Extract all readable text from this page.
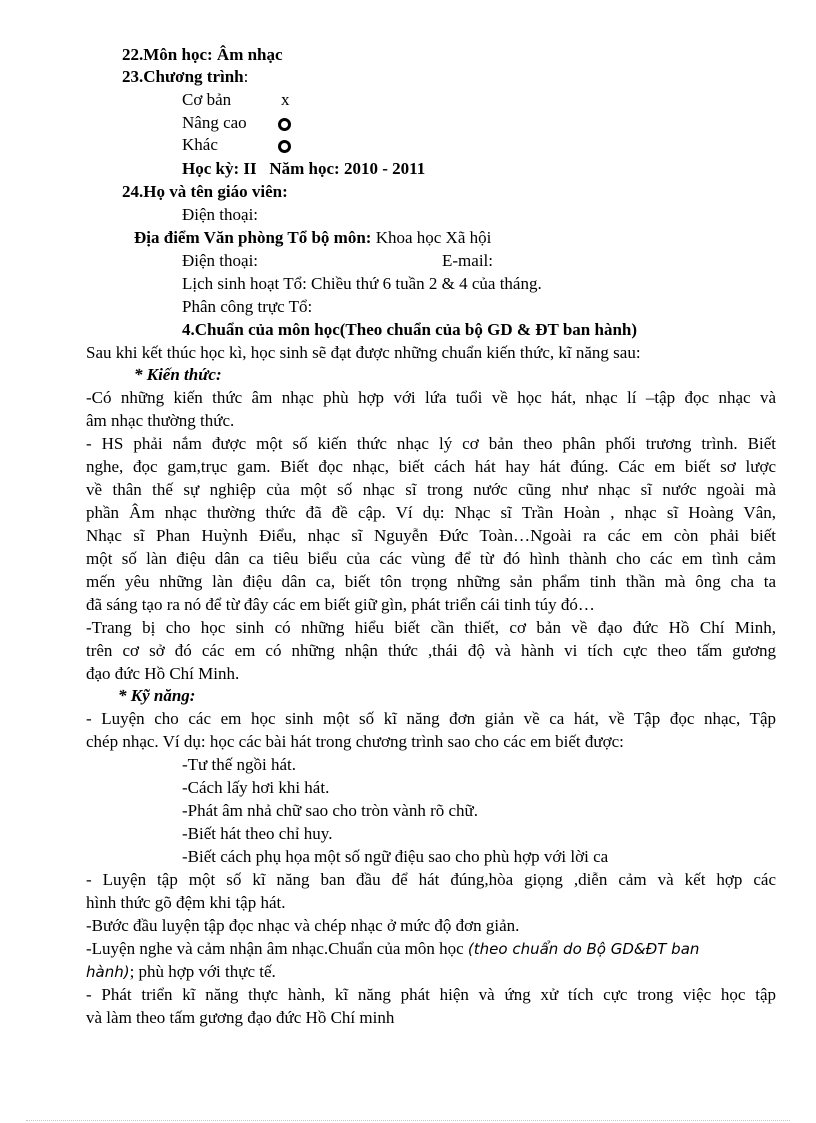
22.Môn học: Âm nhạc
23.Chương trình:
Cơ bản	x
Nâng cao
Khác
Học kỳ: II   Năm học: 2010 - 2011
24.Họ và tên giáo viên:
Điện thoại:
Địa điểm Văn phòng Tổ bộ môn: Khoa học Xã hội
Điện thoại:	E-mail:
Lịch sinh hoạt Tổ: Chiều thứ 6 tuần 2 & 4 của tháng.
Phân công trực Tổ:
4.Chuẩn của môn học(Theo chuẩn của bộ GD & ĐT ban hành)
Sau khi kết thúc học kì, học sinh sẽ đạt được những chuẩn kiến thức, kĩ năng sau:
* Kiến thức:
-Có những kiến thức âm nhạc phù hợp với lứa tuổi về học hát, nhạc lí –tập đọc nhạc và
âm nhạc thường thức.
- HS phải nắm được một số kiến thức nhạc lý cơ bản theo phân phối trương trình. Biết
nghe, đọc gam,trục gam. Biết đọc nhạc, biết cách hát hay hát đúng. Các em biết sơ lược
về thân thế sự nghiệp của một số nhạc sĩ trong nước cũng như nhạc sĩ nước ngoài mà
phần Âm nhạc thường thức đã đề cập. Ví dụ: Nhạc sĩ Trần Hoàn , nhạc sĩ Hoàng Vân,
Nhạc sĩ Phan Huỳnh Điểu, nhạc sĩ Nguyễn Đức Toàn…Ngoài ra các em còn phải biết
một số làn điệu dân ca tiêu biểu của các vùng để từ đó hình thành cho các em tình cảm
mến yêu những làn điệu dân ca, biết tôn trọng những sản phẩm tinh thần mà ông cha ta
đã sáng tạo ra nó để từ đây các em biết giữ gìn, phát triển cái tinh túy đó…
-Trang bị cho học sinh có những hiểu biết cần thiết, cơ bản về đạo đức Hồ Chí Minh,
trên cơ sở đó các em có những nhận thức ,thái độ và hành vi tích cực theo tấm gương
đạo đức Hồ Chí Minh.
* Kỹ năng:
- Luyện cho các em học sinh một số kĩ năng đơn giản về ca hát, về Tập đọc nhạc, Tập
chép nhạc. Ví dụ: học các bài hát trong chương trình sao cho các em biết được:
-Tư thế ngồi hát.
-Cách lấy hơi khi hát.
-Phát âm nhả chữ sao cho tròn vành rõ chữ.
-Biết hát theo chỉ huy.
-Biết cách phụ họa một số ngữ điệu sao cho phù hợp với lời ca
- Luyện tập một số kĩ năng ban đầu để hát đúng,hòa giọng ,diễn cảm và kết hợp các
hình thức gõ đệm khi tập hát.
-Bước đầu luyện tập đọc nhạc và chép nhạc ở mức độ đơn giản.
-Luyện nghe và cảm nhận âm nhạc.Chuẩn của môn học (theo chuẩn do Bộ GD&ĐT ban
hành); phù hợp với thực tế.
- Phát triển kĩ năng thực hành, kĩ năng phát hiện và ứng xử tích cực trong việc học tập
và làm theo tấm gương đạo đức Hồ Chí minh
